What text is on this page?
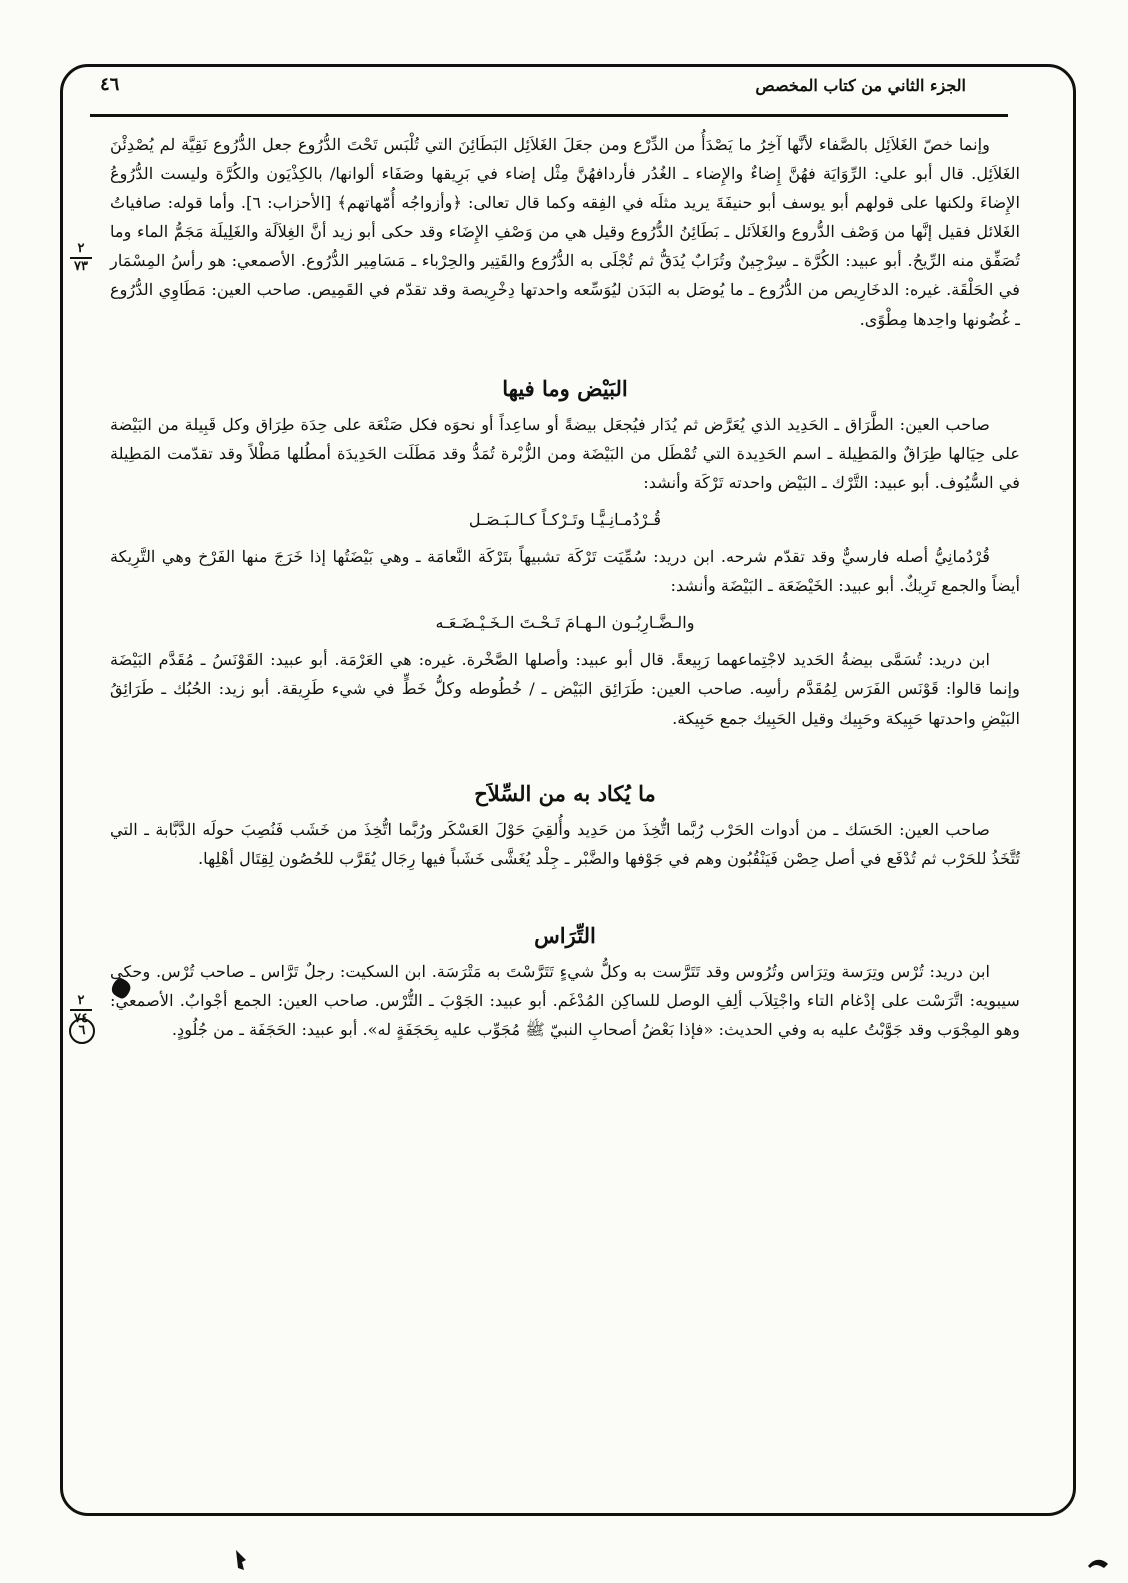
الجزء الثاني من كتاب المخصص
٤٦
٢
٧٣
٢
٧٤
٦

وإنما خصّ الغَلاَئِل بالصَّفاء لأنَّها آخِرُ ما يَصْدَأُ من الدِّرْع ومن جعَلَ الغَلاَئِل البَطَائِنَ التي تُلْبَس تَحْتَ الدُّرُوع جعل الدُّرُوع نَقِيَّة لم يُصْدِئْنَ الغَلاَئِل. قال أبو علي: الرِّوَايَة فهُنَّ إِضاءٌ والإِضاء ـ الغُدُر فأردافهُنَّ مِثْل إضاء في بَرِيقها وصَفَاء ألوانها/ بالكِذْيَون والكُرَّة وليست الدُّرُوعُ الإِضاءَ ولكنها على قولهم أبو يوسف أبو حنيفَةَ يريد مثلَه في الفِقه وكما قال تعالى: ﴿وأزواجُه أُمّهاتهم﴾ [الأحزاب: ٦]. وأما قوله: صافياتُ الغَلائل فقيل إنَّها من وَصْف الدُّروع والغَلاَئل ـ بَطَائِنُ الدُّرُوع وقيل هي من وَصْفِ الإِضَاء وقد حكى أبو زيد أنَّ الغِلاَلَة والغَلِيلَة مَجَمُّ الماء وما تُصَفِّق منه الرِّيحُ. أبو عبيد: الكُرَّة ـ سِرْجِينٌ وتُرَابٌ يُدَقُّ ثم تُجْلَى به الدُّرُوع والقَتِير والحِرْباء ـ مَسَامِير الدُّرُوع. الأصمعي: هو رأسُ المِسْمَار في الحَلْقَة. غيره: الدخَارِيص من الدُّرُوع ـ ما يُوصَل به البَدَن ليُوَسِّعه واحدتها دِخْرِيصة وقد تقدّم في القَمِيص. صاحب العين: مَطَاوِي الدُّرُوع ـ غُضُونها واحِدها مِطْوًى.

البَيْض وما فيها

صاحب العين: الطَّرَاق ـ الحَدِيد الذي يُعَرَّض ثم يُدَار فيُجعَل بيضةً أو ساعِداً أو نحوَه فكل صَنْعَة على حِدَة طِرَاق وكل قَبِيلة من البَيْضة على حِيَالها طِرَاقٌ والمَطِيلة ـ اسم الحَدِيدة التي تُمْطَل من البَيْضَة ومن الزُّبْرة تُمَدُّ وقد مَطَلَت الحَدِيدَة أمطُلها مَطْلاً وقد تقدّمت المَطِيلة في السُّيُوف. أبو عبيد: التَّرْك ـ البَيْض واحدته تَرْكَة وأنشد:

قُـرْدُمـانِـيًّـا وتَـرْكـاً كـالـبَـصَـل

قُرْدُمانِيُّ أصله فارسيٌّ وقد تقدّم شرحه. ابن دريد: سُمِّيَت تَرْكَة تشبيهاً بتَرْكَة النَّعامَة ـ وهي بَيْضَتُها إذا خَرَجَ منها الفَرْخ وهي التَّرِيكة أيضاً والجمع تَرِيكٌ. أبو عبيد: الخَيْضَعَة ـ البَيْضَة وأنشد:

والـضَّـارِبُـون الـهـامَ تَـحْـتَ الـخَـيْـضَـعَـه

ابن دريد: تُسَمَّى بيضةُ الحَديد لاجْتِماعهما رَبِيعةً. قال أبو عبيد: وأصلها الصَّخْرة. غيره: هي العَرْمَة. أبو عبيد: القَوْنَسُ ـ مُقَدَّم البَيْضَة وإنما قالوا: قَوْنَس الفَرَس لِمُقَدَّم رأسِه. صاحب العين: طَرَائِق البَيْض ـ / خُطُوطه وكلُّ خَطٍّ في شيء طَرِيقة. أبو زيد: الحُبُك ـ طَرَائِقُ البَيْضِ واحدتها حَبِيكة وحَبِيك وقيل الحَبِيك جمع حَبِيكة.

ما يُكاد به من السِّلاَح

صاحب العين: الحَسَك ـ من أدوات الحَرْب رُبَّما اتُّخِذَ من حَدِيد وأُلقِيَ حَوْلَ العَسْكَر ورُبَّما اتُّخِذَ من خَشَب فَنُصِبَ حولَه الدَّبَّابة ـ التي تُتَّخَذُ للحَرْب ثم تُدْفَع في أصل حِصْن فَيَنْقُبُون وهم في جَوْفها والضَّبْر ـ جِلْد يُغَشَّى خَشَباً فيها رِجَال يُقَرَّب للحُصُون لِقِتَال أهْلِها.

التِّرَاس

ابن دريد: تُرْس وتِرَسة وتِرَاس وتُرُوس وقد تَتَرَّست به وكلُّ شيءٍ تَتَرَّسْتَ به مَتْرَسَة. ابن السكيت: رجلٌ تَرَّاس ـ صاحب تُرْس. وحكى سيبويه: اتَّرَسْت على إدْغام التاء واجْتِلاَب ألِفِ الوصل للساكِن المُدْغَم. أبو عبيد: الجَوْبَ ـ التُّرْس. صاحب العين: الجمع أجْوابٌ. الأصمعي: وهو المِجْوَب وقد جَوَّبْتُ عليه به وفي الحديث: «فإذا بَعْضُ أصحابِ النبيّ ﷺ مُجَوِّب عليه بِحَجَفَةٍ له». أبو عبيد: الحَجَفَة ـ من جُلُودٍ.
